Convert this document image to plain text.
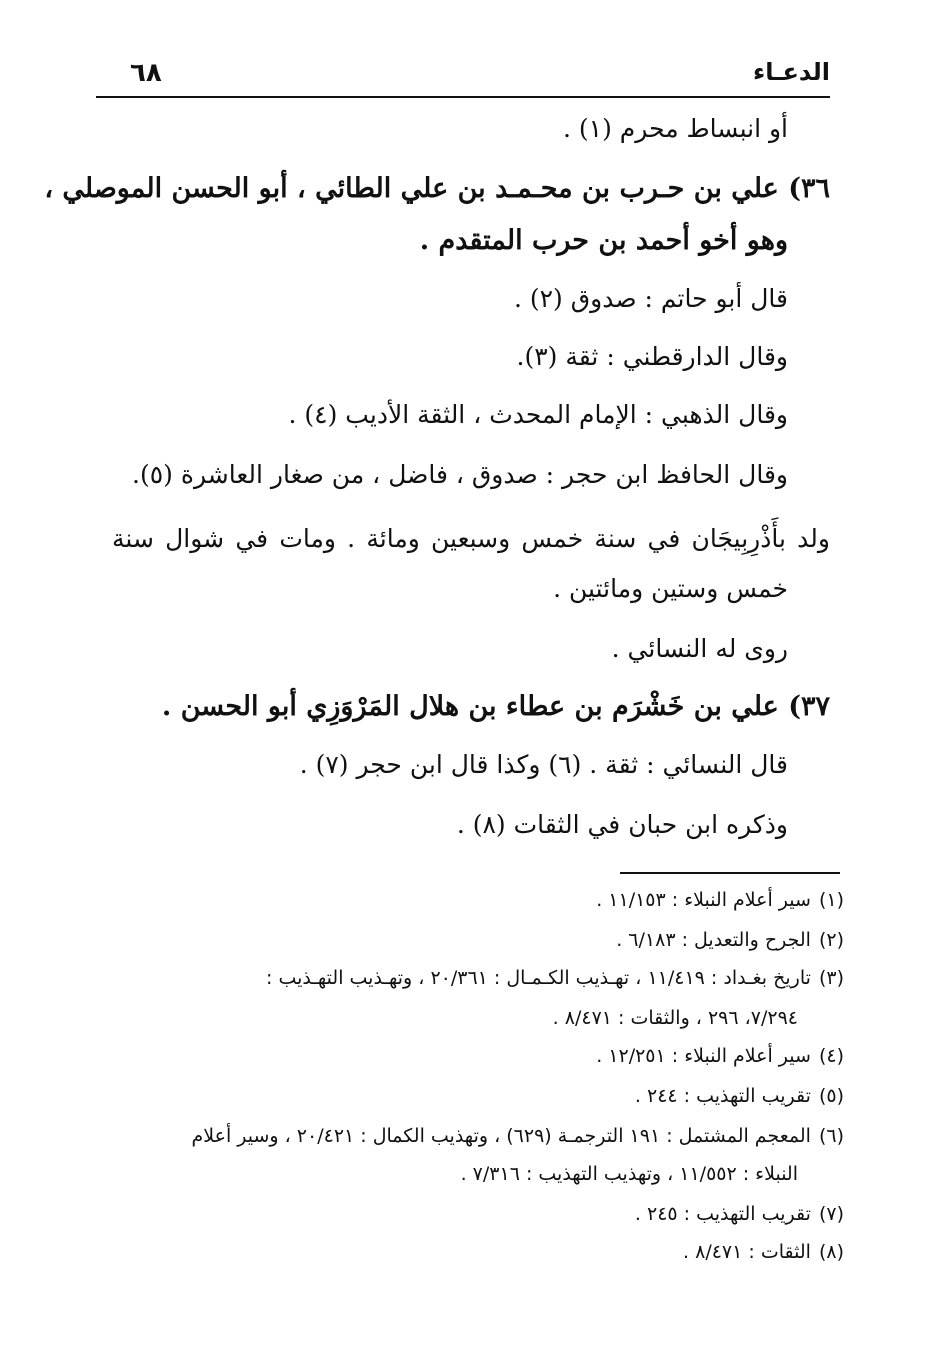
الدعـاء
٦٨
أو انبساط محرم (١) .
٣٦) علي بن حـرب بن محـمـد بن علي الطائي ، أبو الحسن الموصلي ،
وهو أخو أحمد بن حرب المتقدم .
قال أبو حاتم : صدوق (٢) .
وقال الدارقطني : ثقة (٣).
وقال الذهبي : الإمام المحدث ، الثقة الأديب (٤) .
وقال الحافظ ابن حجر : صدوق ، فاضل ، من صغار العاشرة (٥).
ولد بأَذْرِبِيجَان في سنة خمس وسبعين ومائة . ومات في شوال سنة
خمس وستين ومائتين .
روى له النسائي .
٣٧) علي بن خَشْرَم بن عطاء بن هلال المَرْوَزِي أبو الحسن .
قال النسائي : ثقة . (٦) وكذا قال ابن حجر (٧) .
وذكره ابن حبان في الثقات (٨) .
(١)سير أعلام النبلاء : ١١/١٥٣ .
(٢)الجرح والتعديل : ٦/١٨٣ .
(٣)تاريخ بغـداد : ١١/٤١٩ ، تهـذيب الكـمـال : ٢٠/٣٦١ ، وتهـذيب التهـذيب :
٧/٢٩٤، ٢٩٦ ، والثقات : ٨/٤٧١ .
(٤)سير أعلام النبلاء : ١٢/٢٥١ .
(٥)تقريب التهذيب : ٢٤٤ .
(٦)المعجم المشتمل : ١٩١ الترجمـة (٦٢٩) ، وتهذيب الكمال : ٢٠/٤٢١ ، وسير أعلام
النبلاء : ١١/٥٥٢ ، وتهذيب التهذيب : ٧/٣١٦ .
(٧)تقريب التهذيب : ٢٤٥ .
(٨)الثقات : ٨/٤٧١ .
